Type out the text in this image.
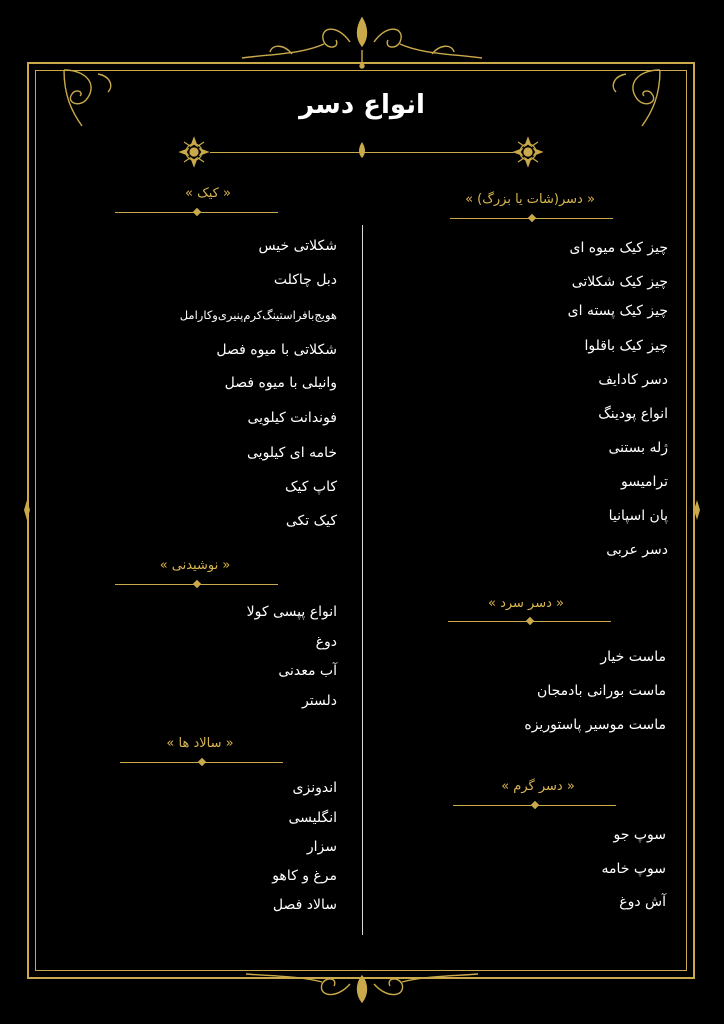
انواع دسر
« کیک »
شکلاتی خیس
دبل چاکلت
هویج‌بافراستینگ‌کرم‌پنیری‌وکارامل
شکلاتی با میوه فصل
وانیلی با میوه فصل
فوندانت کیلویی
خامه ای کیلویی
کاپ کیک
کیک تکی
« نوشیدنی »
انواع پپسی کولا
دوغ
آب معدنی
دلستر
« سالاد ها »
اندونزی
انگلیسی
سزار
مرغ و کاهو
سالاد فصل
« دسر(شات یا بزرگ) »
چیز کیک میوه ای
چیز کیک شکلاتی
چیز کیک پسته ای
چیز کیک باقلوا
دسر کادایف
انواع پودینگ
ژله بستنی
ترامیسو
پان اسپانیا
دسر عربی
« دسر سرد »
ماست خیار
ماست بورانی بادمجان
ماست موسیر پاستوریزه
« دسر گرم »
سوپ جو
سوپ خامه
آش دوغ
